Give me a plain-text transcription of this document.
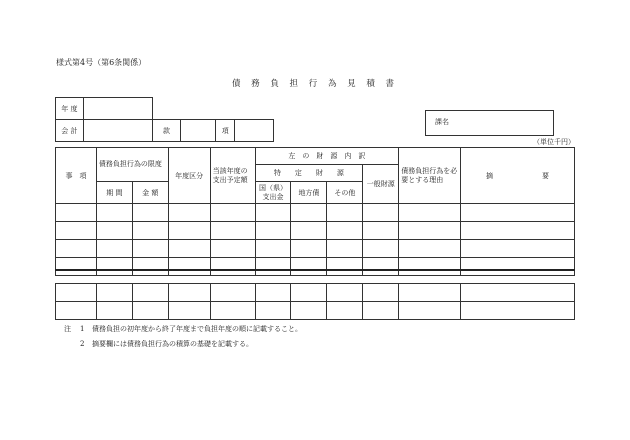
様式第4号（第6条関係）
債 務 負 担 行 為 見 積 書
年 度					
会 計		款		項	
課名
（単位千円）
事　項	債務負担行為の限度		年度区分	当該年度の支出予定額	左　の　財　源　内　訳				債務負担行為を必要とする理由	摘　　　　　　　要
					特　　定　　財　　源			一般財源		
	期 間	金 額			国（県）支出金	地方債	その他			

注 1 債務負担の初年度から終了年度まで負担年度の順に記載すること。
2 摘要欄には債務負担行為の積算の基礎を記載する。
